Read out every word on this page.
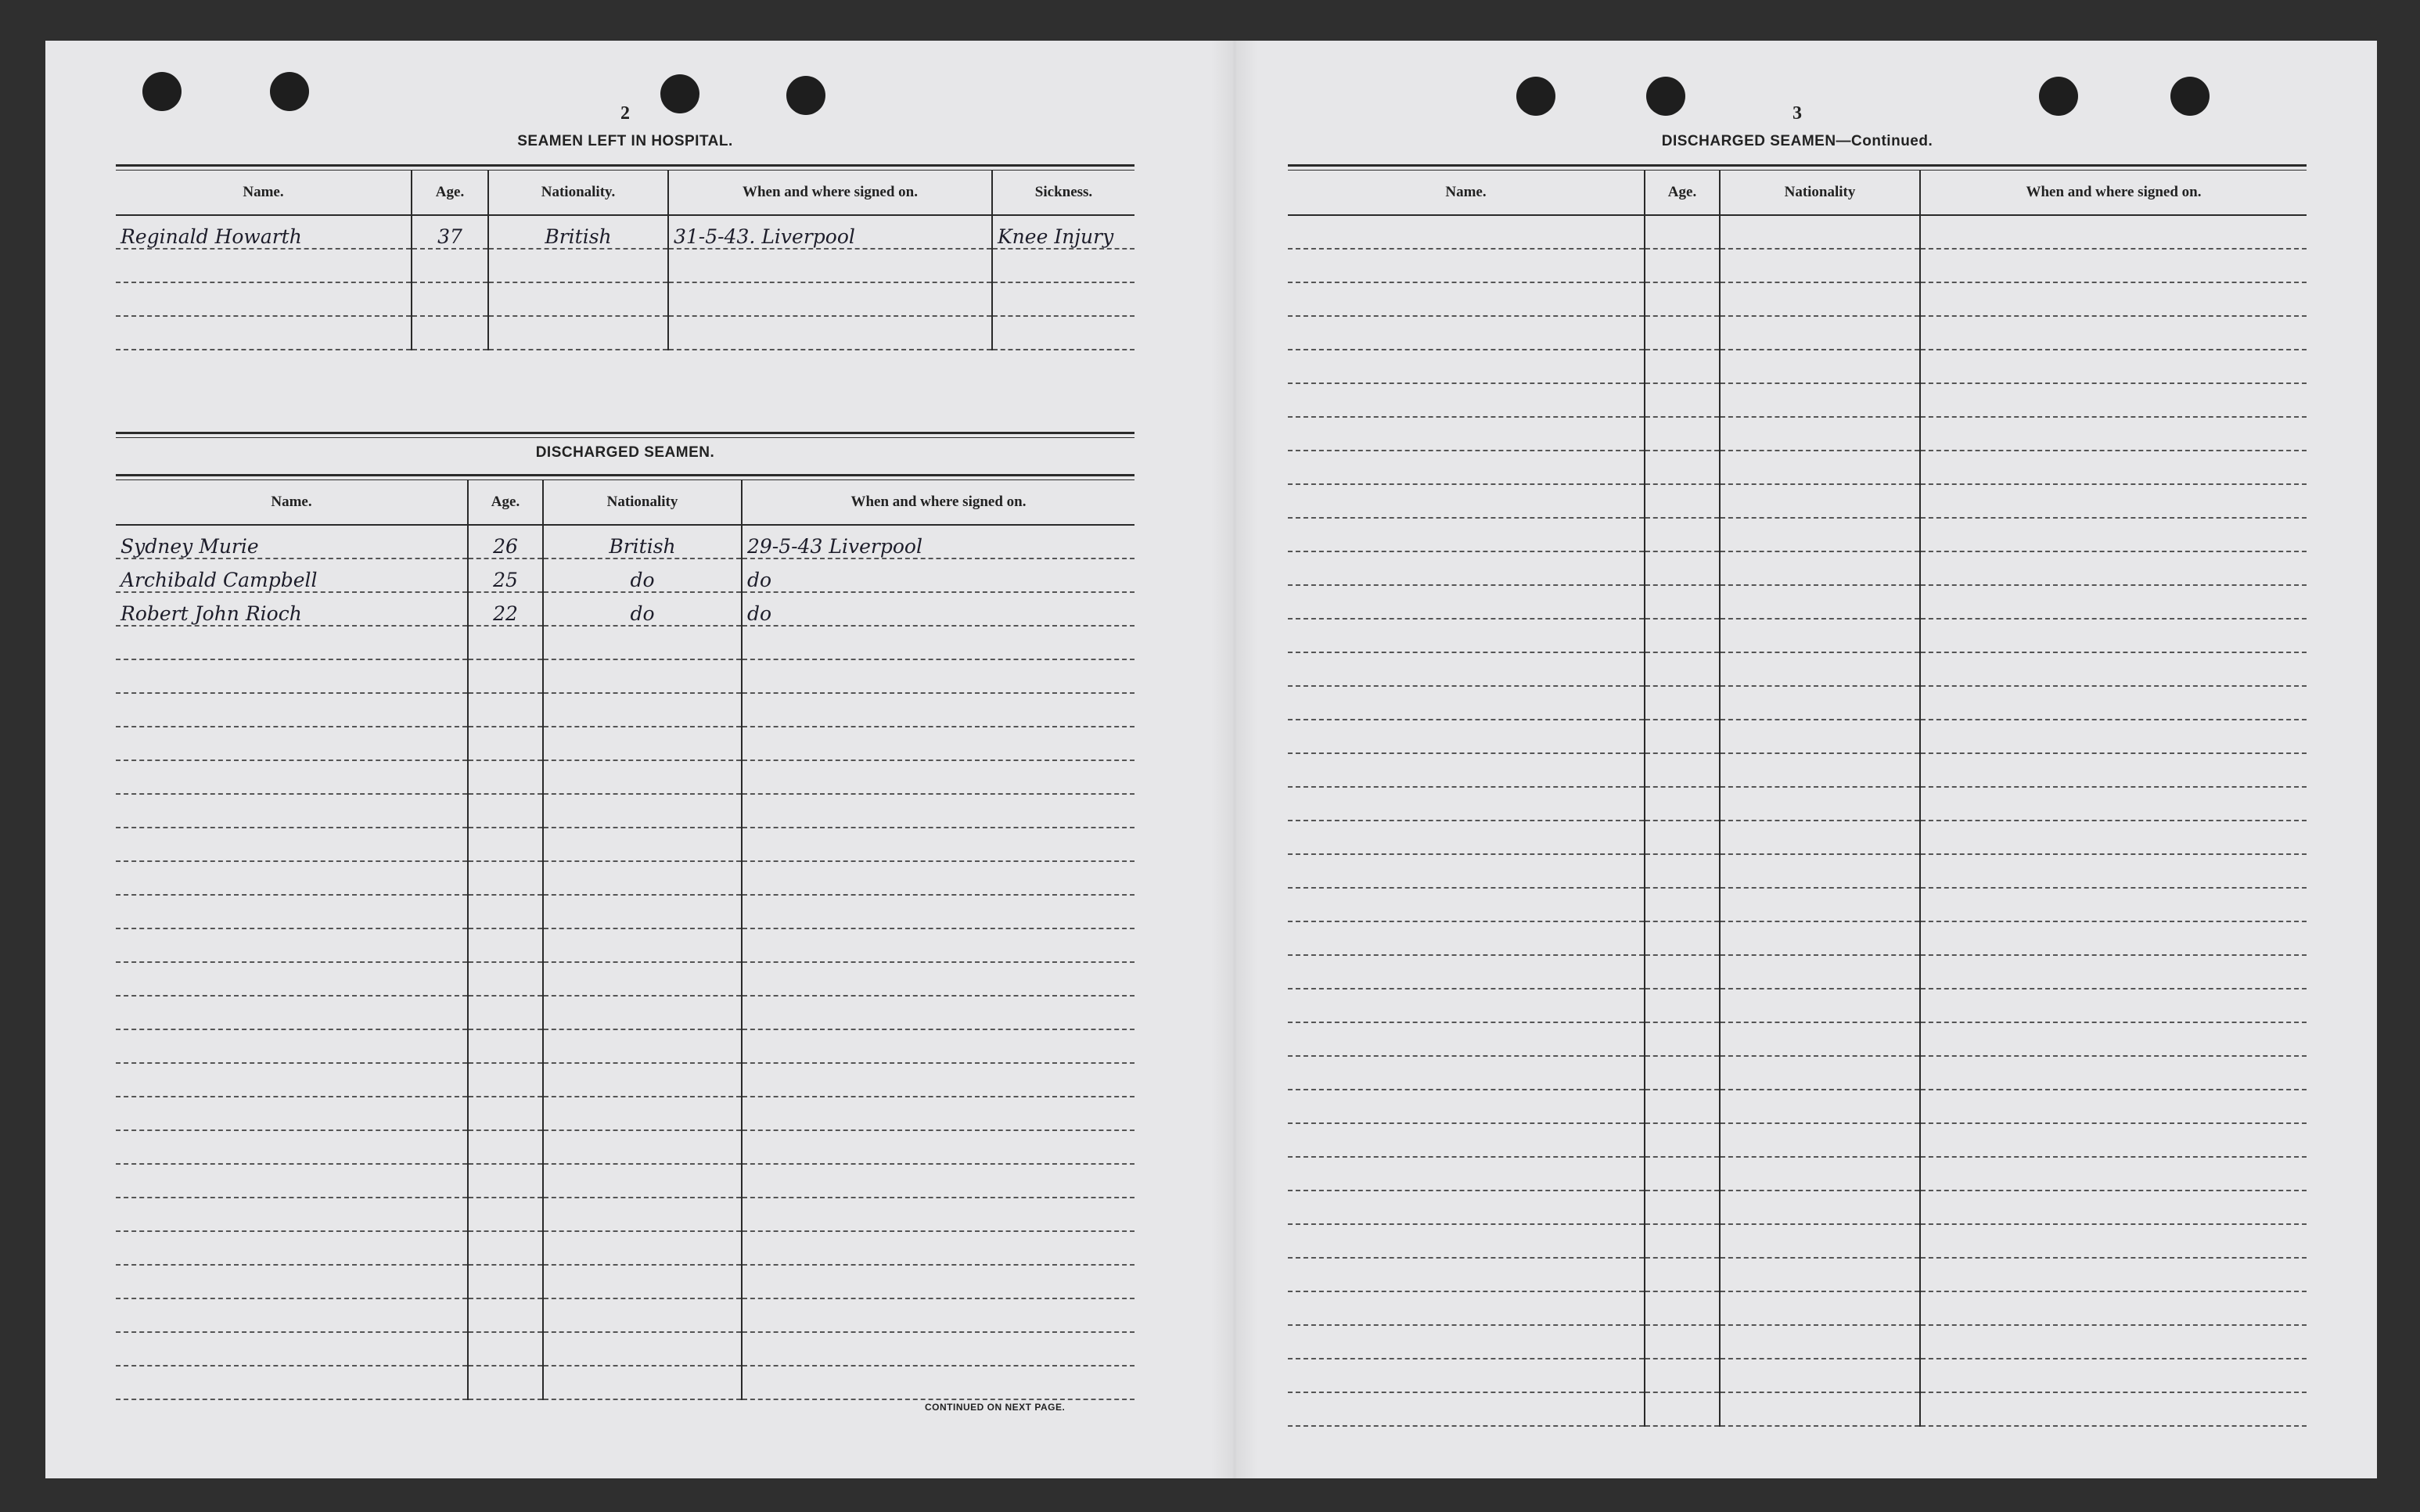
2
SEAMEN LEFT IN HOSPITAL.
Name.	Age.	Nationality.	When and where signed on.	Sickness.
Reginald Howarth	37	British	31-5-43. Liverpool	Knee Injury

DISCHARGED SEAMEN.
Name.	Age.	Nationality	When and where signed on.
Sydney Murie	26	British	29-5-43 Liverpool
Archibald Campbell	25	do	do
Robert John Rioch	22	do	do

CONTINUED ON NEXT PAGE.
3
DISCHARGED SEAMEN—Continued.
Name.	Age.	Nationality	When and where signed on.
